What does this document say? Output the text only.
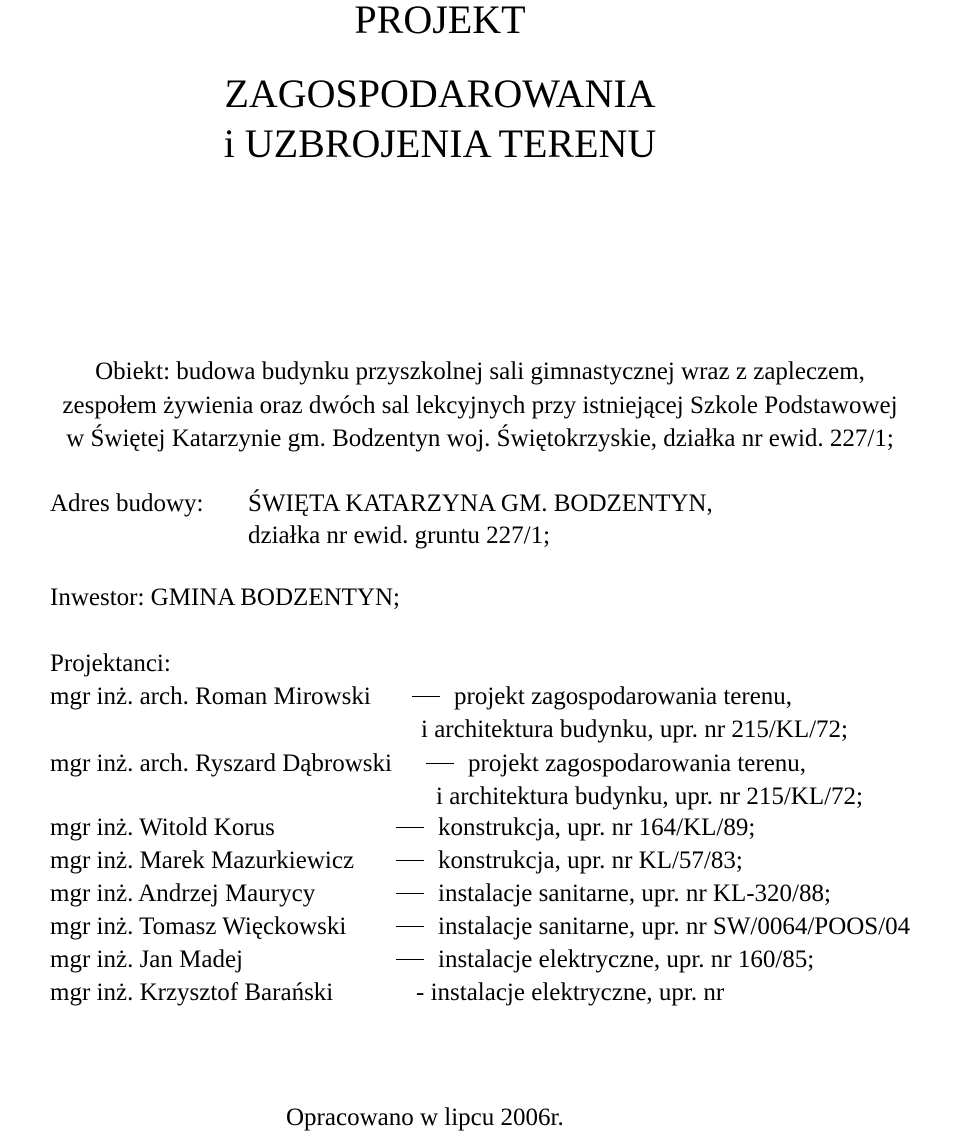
PROJEKT
ZAGOSPODAROWANIA
i UZBROJENIA TERENU
Obiekt: budowa budynku przyszkolnej sali gimnastycznej wraz z zapleczem,
zespołem żywienia oraz dwóch sal lekcyjnych przy istniejącej Szkole Podstawowej
w Świętej Katarzynie gm. Bodzentyn woj. Świętokrzyskie, działka nr ewid. 227/1;
Adres budowy: ŚWIĘTA KATARZYNA GM. BODZENTYN,
działka nr ewid. gruntu 227/1;
Inwestor: GMINA BODZENTYN;
Projektanci:
mgr inż. arch. Roman Mirowski	projekt zagospodarowania terenu,
i architektura budynku, upr. nr 215/KL/72;
mgr inż. arch. Ryszard Dąbrowski	projekt zagospodarowania terenu,
i architektura budynku, upr. nr 215/KL/72;
mgr inż. Witold Korus	konstrukcja, upr. nr 164/KL/89;
mgr inż. Marek Mazurkiewicz	konstrukcja, upr. nr KL/57/83;
mgr inż. Andrzej Maurycy	instalacje sanitarne, upr. nr KL-320/88;
mgr inż. Tomasz Więckowski	instalacje sanitarne, upr. nr SW/0064/POOS/04
mgr inż. Jan Madej	instalacje elektryczne, upr. nr 160/85;
mgr inż. Krzysztof Barański	- instalacje elektryczne, upr. nr
Opracowano w lipcu 2006r.
